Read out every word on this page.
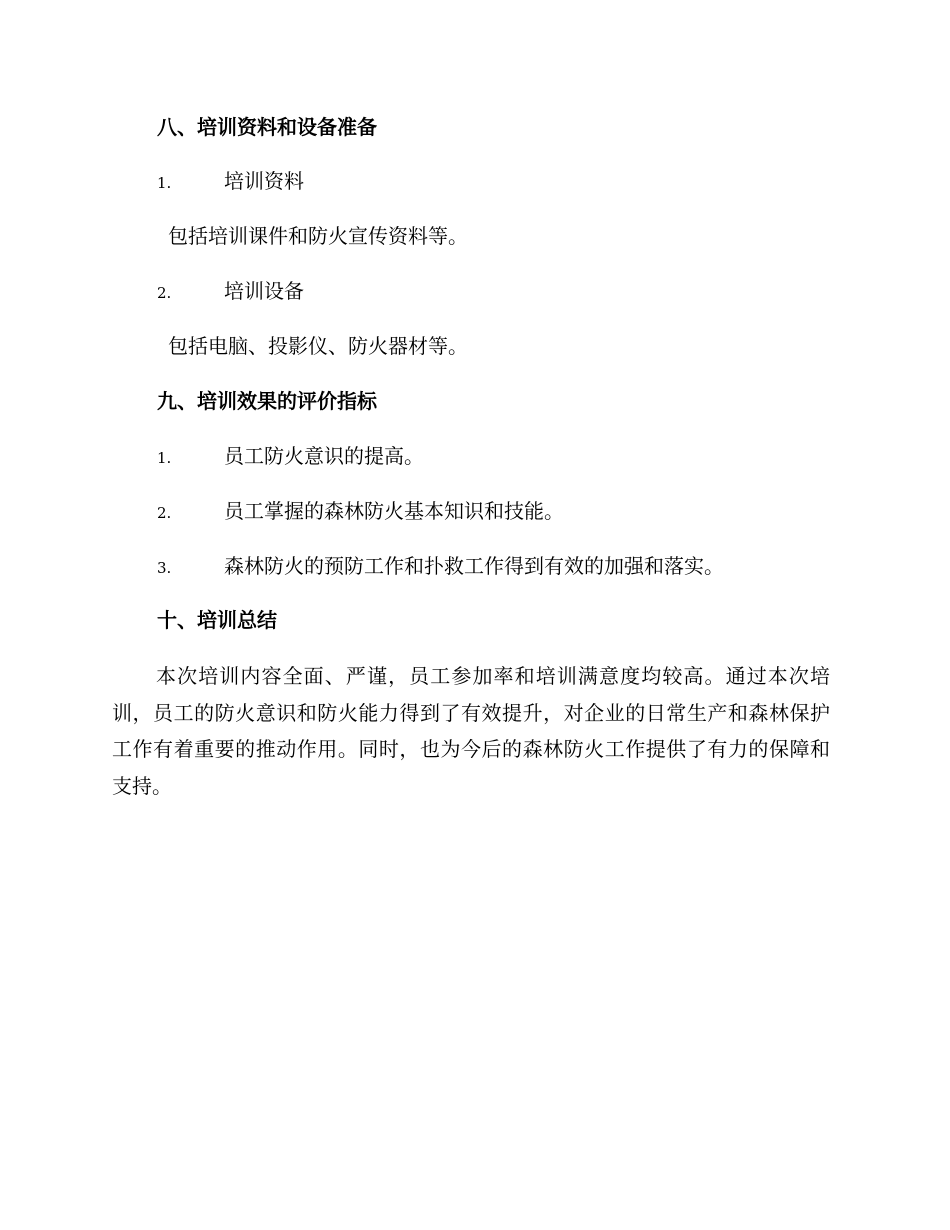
八、培训资料和设备准备
1.	培训资料
包括培训课件和防火宣传资料等。
2.	培训设备
包括电脑、投影仪、防火器材等。
九、培训效果的评价指标
1.	员工防火意识的提高。
2.	员工掌握的森林防火基本知识和技能。
3.	森林防火的预防工作和扑救工作得到有效的加强和落实。
十、培训总结

本次培训内容全面、严谨，员工参加率和培训满意度均较高。通过本次培训，员工的防火意识和防火能力得到了有效提升，对企业的日常生产和森林保护工作有着重要的推动作用。同时，也为今后的森林防火工作提供了有力的保障和支持。
